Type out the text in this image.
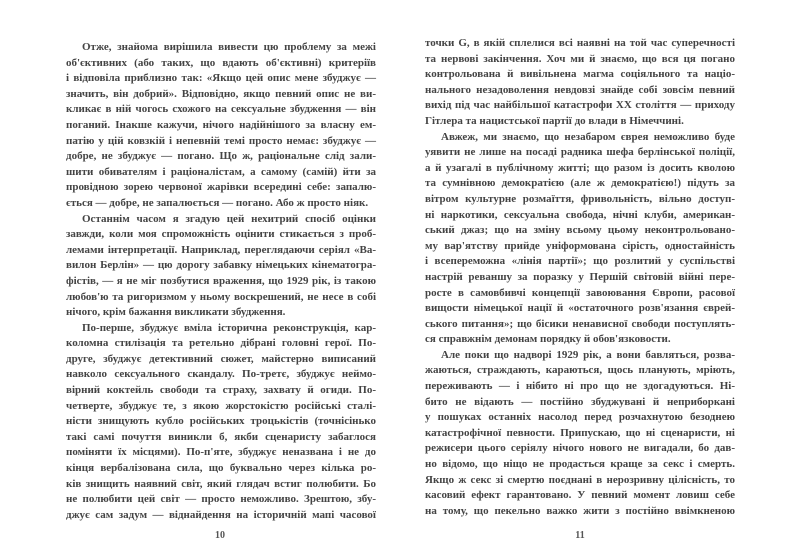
Отже, знайома вирішила вивести цю проблему за межі
об'єктивних (або таких, що вдають об'єктивні) критеріїв
і відповіла приблизно так: «Якщо цей опис мене збуджує —
значить, він добрий». Відповідно, якщо певний опис не ви-
кликає в ній чогось схожого на сексуальне збудження — він
поганий. Інакше кажучи, нічого надійнішого за власну ем-
патію у цій ковзкій і непевній темі просто немає: збуджує —
добре, не збуджує — погано. Що ж, раціональне слід зали-
шити обивателям і раціоналістам, а самому (самій) йти за
провідною зорею червоної жарівки всередині себе: запалю-
ється — добре, не запалюється — погано. Або ж просто ніяк.
Останнім часом я згадую цей нехитрий спосіб оцінки
завжди, коли моя спроможність оцінити стикається з проб-
лемами інтерпретації. Наприклад, переглядаючи серіял «Ва-
вилон Берлін» — цю дорогу забавку німецьких кінематогра-
фістів, — я не міг позбутися враження, що 1929 рік, із такою
любов'ю та ригоризмом у ньому воскрешений, не несе в собі
нічого, крім бажання викликати збудження.
По-перше, збуджує вміла історична реконструкція, кар-
коломна стилізація та ретельно дібрані головні герої. По-
друге, збуджує детективний сюжет, майстерно виписаний
навколо сексуального скандалу. По-третє, збуджує неймо-
вірний коктейль свободи та страху, захвату й огиди. По-
четверте, збуджує те, з якою жорстокістю російські сталі-
ністи знищують кубло російських троцькістів (точнісінько
такі самі почуття виникли б, якби сценаристу забаглося
поміняти їх місцями). По-п'яте, збуджує неназвана і не до
кінця вербалізована сила, що буквально через кілька ро-
ків знищить наявний світ, який глядач встиг полюбити. Бо
не полюбити цей світ — просто неможливо. Зрештою, збу-
джує сам задум — віднайдення на історичній мапі часової
10
точки G, в якій сплелися всі наявні на той час суперечності
та нервові закінчення. Хоч ми й знаємо, що вся ця погано
контрольована й вивільнена магма соціяльного та націо-
нального незадоволення невдовзі знайде собі зовсім певний
вихід під час найбільшої катастрофи XX століття — приходу
Гітлера та нацистської партії до влади в Німеччині.
Авжеж, ми знаємо, що незабаром єврея неможливо буде
уявити не лише на посаді радника шефа берлінської поліції,
а й узагалі в публічному житті; що разом із досить кволою
та сумнівною демократією (але ж демократією!) підуть за
вітром культурне розмаїття, фривольність, вільно доступ-
ні наркотики, сексуальна свобода, нічні клуби, американ-
ський джаз; що на зміну всьому цьому неконтрольовано-
му вар'ятству прийде уніформована сірість, одностайність
і всепереможна «лінія партії»; що розлитий у суспільстві
настрій реваншу за поразку у Першій світовій війні пере-
росте в самовбивчі концепції завоювання Європи, расової
вищости німецької нації й «остаточного розв'язання єврей-
ського питання»; що бісики ненависної свободи поступлять-
ся справжнім демонам порядку й обов'язковости.
Але поки що надворі 1929 рік, а вони бавляться, розва-
жаються, страждають, караються, щось планують, мріють,
переживають — і нібито ні про що не здогадуються. Ні-
бито не відають — постійно збуджувані й неприборкані
у пошуках останніх насолод перед розчахнутою безоднею
катастрофічної певности. Припускаю, що ні сценаристи, ні
режисери цього серіялу нічого нового не вигадали, бо дав-
но відомо, що ніщо не продасться краще за секс і смерть.
Якщо ж секс зі смертю поєднані в нерозривну цілісність, то
касовий ефект гарантовано. У певний момент ловиш себе
на тому, що пекельно важко жити з постійно ввімкненою
11
